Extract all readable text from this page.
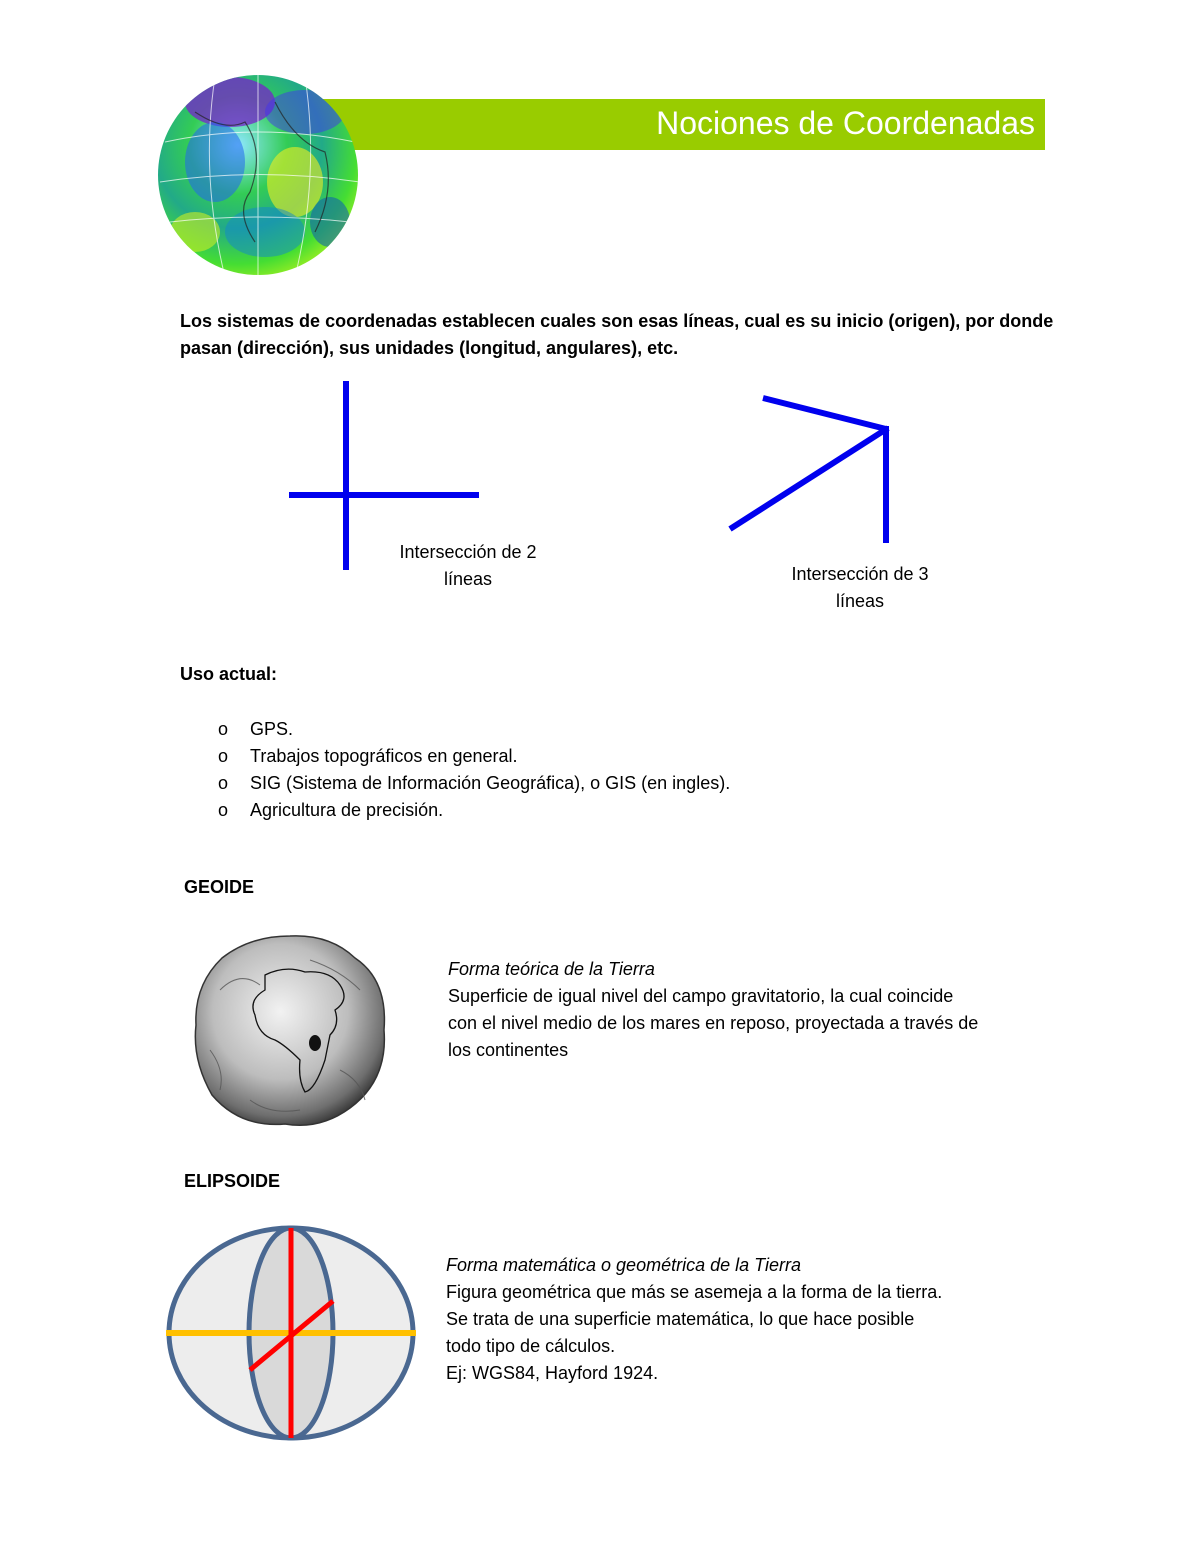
Nociones de Coordenadas
Los sistemas de coordenadas establecen cuales son esas líneas, cual es su inicio (origen), por donde pasan (dirección), sus unidades (longitud, angulares), etc.
Intersección de 2
líneas	Intersección de 3
líneas
Uso actual:
o GPS.
o Trabajos topográficos en general.
o SIG (Sistema de Información Geográfica), o GIS (en ingles).
o Agricultura de precisión.
GEOIDE
Forma teórica de la Tierra
Superficie de igual nivel del campo gravitatorio, la cual coincide
con el nivel medio de los mares en reposo, proyectada a través de
los continentes
ELIPSOIDE
Forma matemática o geométrica de la Tierra
Figura geométrica que más se asemeja a la forma de la tierra.
Se trata de una superficie matemática, lo que hace posible
todo tipo de cálculos.
Ej: WGS84, Hayford 1924.
